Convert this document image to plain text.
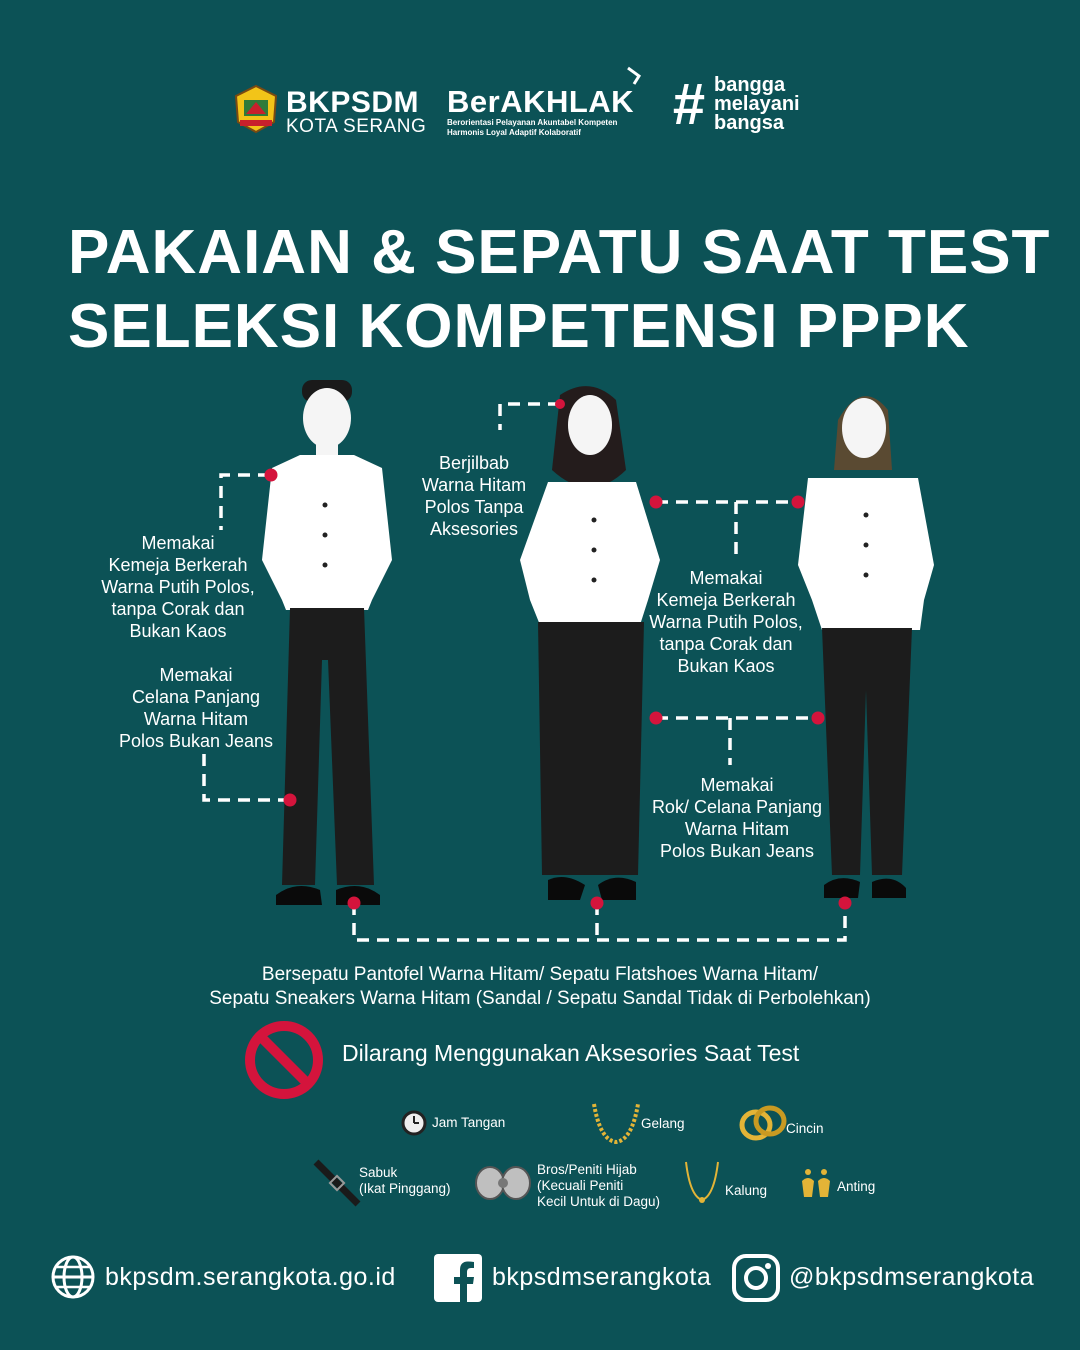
BKPSDM
KOTA SERANG
BerAKHLAK
Berorientasi Pelayanan Akuntabel Kompeten
Harmonis Loyal Adaptif Kolaboratif # bangga
melayani
bangsa
PAKAIAN & SEPATU SAAT TEST
SELEKSI KOMPETENSI PPPK
Memakai
Kemeja Berkerah
Warna Putih Polos,
tanpa Corak dan
Bukan Kaos
Memakai
Celana Panjang
Warna Hitam
Polos Bukan Jeans
Berjilbab
Warna Hitam
Polos Tanpa
Aksesories
Memakai
Kemeja Berkerah
Warna Putih Polos,
tanpa Corak dan
Bukan Kaos
Memakai
Rok/ Celana Panjang
Warna Hitam
Polos Bukan Jeans
Bersepatu Pantofel Warna Hitam/ Sepatu Flatshoes Warna Hitam/
Sepatu Sneakers Warna Hitam (Sandal / Sepatu Sandal Tidak di Perbolehkan)
Dilarang Menggunakan Aksesories Saat Test
Jam Tangan	Gelang	Cincin
Sabuk
(Ikat Pinggang)
Bros/Peniti Hijab
(Kecuali Peniti
Kecil Untuk di Dagu)
Kalung	Anting
bkpsdm.serangkota.go.id	bkpsdmserangkota	@bkpsdmserangkota
